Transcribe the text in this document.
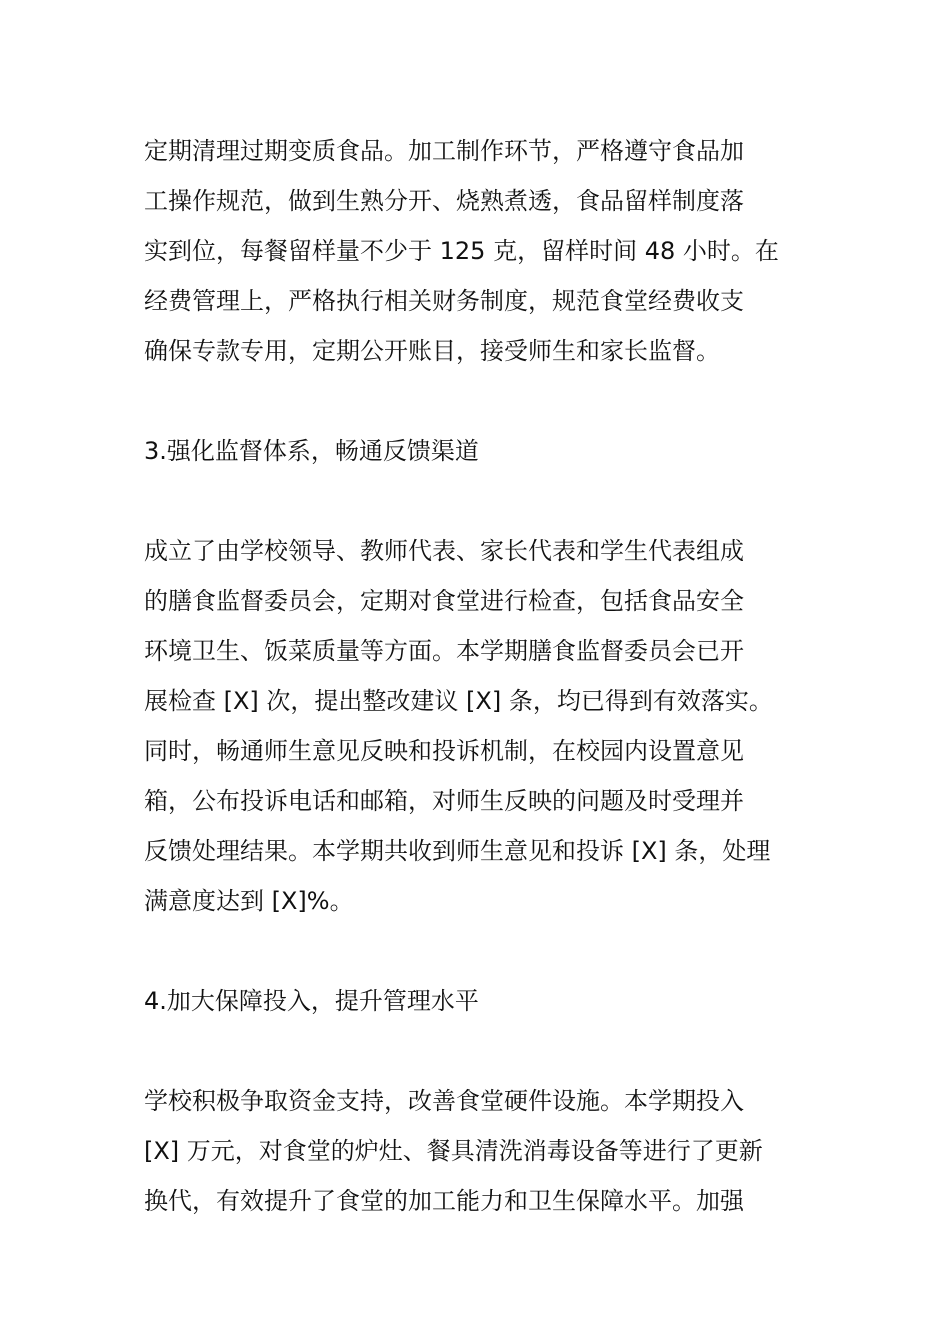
定期清理过期变质食品。加工制作环节，严格遵守食品加
工操作规范，做到生熟分开、烧熟煮透，食品留样制度落
实到位，每餐留样量不少于 125 克，留样时间 48 小时。在
经费管理上，严格执行相关财务制度，规范食堂经费收支
确保专款专用，定期公开账目，接受师生和家长监督。
3.强化监督体系，畅通反馈渠道
成立了由学校领导、教师代表、家长代表和学生代表组成
的膳食监督委员会，定期对食堂进行检查，包括食品安全
环境卫生、饭菜质量等方面。本学期膳食监督委员会已开
展检查 [X] 次，提出整改建议 [X] 条，均已得到有效落实。
同时，畅通师生意见反映和投诉机制，在校园内设置意见
箱，公布投诉电话和邮箱，对师生反映的问题及时受理并
反馈处理结果。本学期共收到师生意见和投诉 [X] 条，处理
满意度达到 [X]%。
4.加大保障投入，提升管理水平
学校积极争取资金支持，改善食堂硬件设施。本学期投入
[X] 万元，对食堂的炉灶、餐具清洗消毒设备等进行了更新
换代，有效提升了食堂的加工能力和卫生保障水平。加强
